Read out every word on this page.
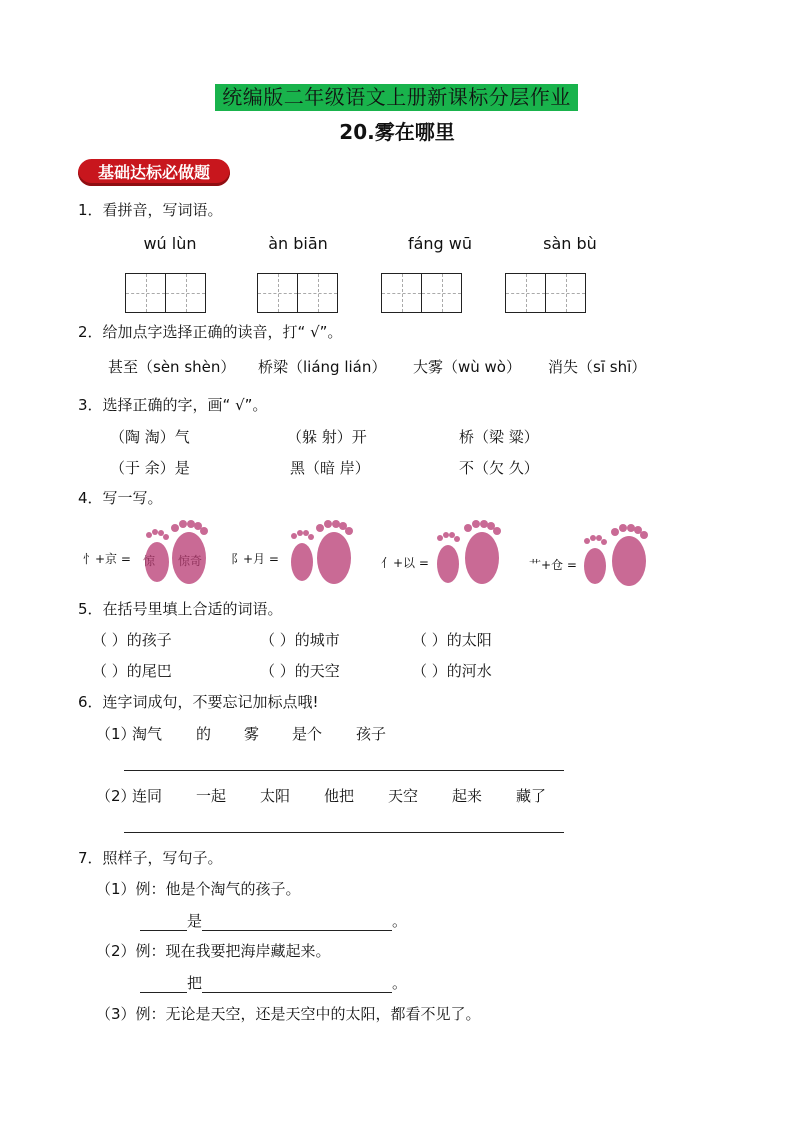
统编版二年级语文上册新课标分层作业
20.雾在哪里
基础达标必做题
1．看拼音，写词语。
wú lùn	àn biān	fáng wū	sàn bù
2．给加点字选择正确的读音，打“ √”。
甚至（sèn shèn） 桥梁（liáng lián） 大雾（wù wò） 消失（sī shī）
3．选择正确的字，画“ √”。
（陶 淘）气	（躲 射）开	桥（梁 粱）
（于 余）是	黑（暗 岸）	不（欠 久）
4．写一写。
忄+京 =	阝+月 =	亻+以 =	艹+仓 =
惊 惊奇
5．在括号里填上合适的词语。
（ ）的孩子	（ ）的城市	（ ）的太阳
（ ）的尾巴	（ ）的天空	（ ）的河水
6．连字词成句，不要忘记加标点哦!
（1）
淘气 的 雾 是个 孩子
（2）
连同 一起 太阳 他把 天空 起来 藏了
7．照样子，写句子。
（1）例：他是个淘气的孩子。
是	。
（2）例：现在我要把海岸藏起来。
把	。
（3）例：无论是天空，还是天空中的太阳，都看不见了。
